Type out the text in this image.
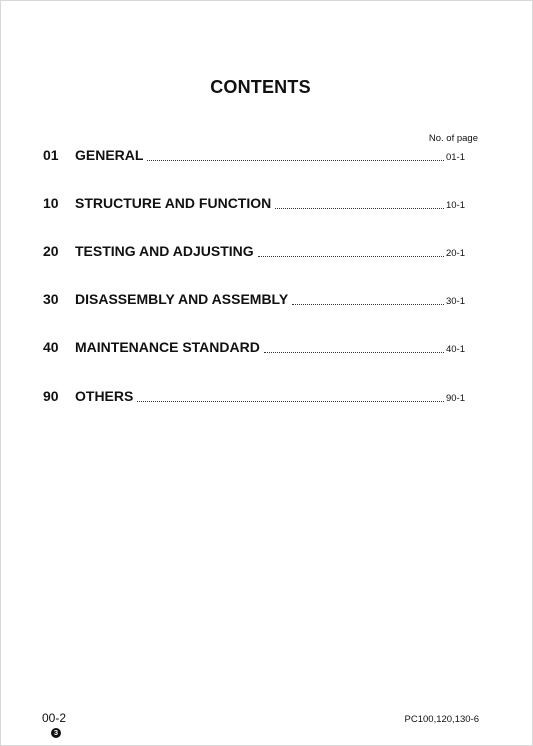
CONTENTS
No. of page
01	GENERAL	01-1
10	STRUCTURE AND FUNCTION	10-1
20	TESTING AND ADJUSTING	20-1
30	DISASSEMBLY AND ASSEMBLY	30-1
40	MAINTENANCE STANDARD	40-1
90	OTHERS	90-1
00-2
3
PC100,120,130-6
